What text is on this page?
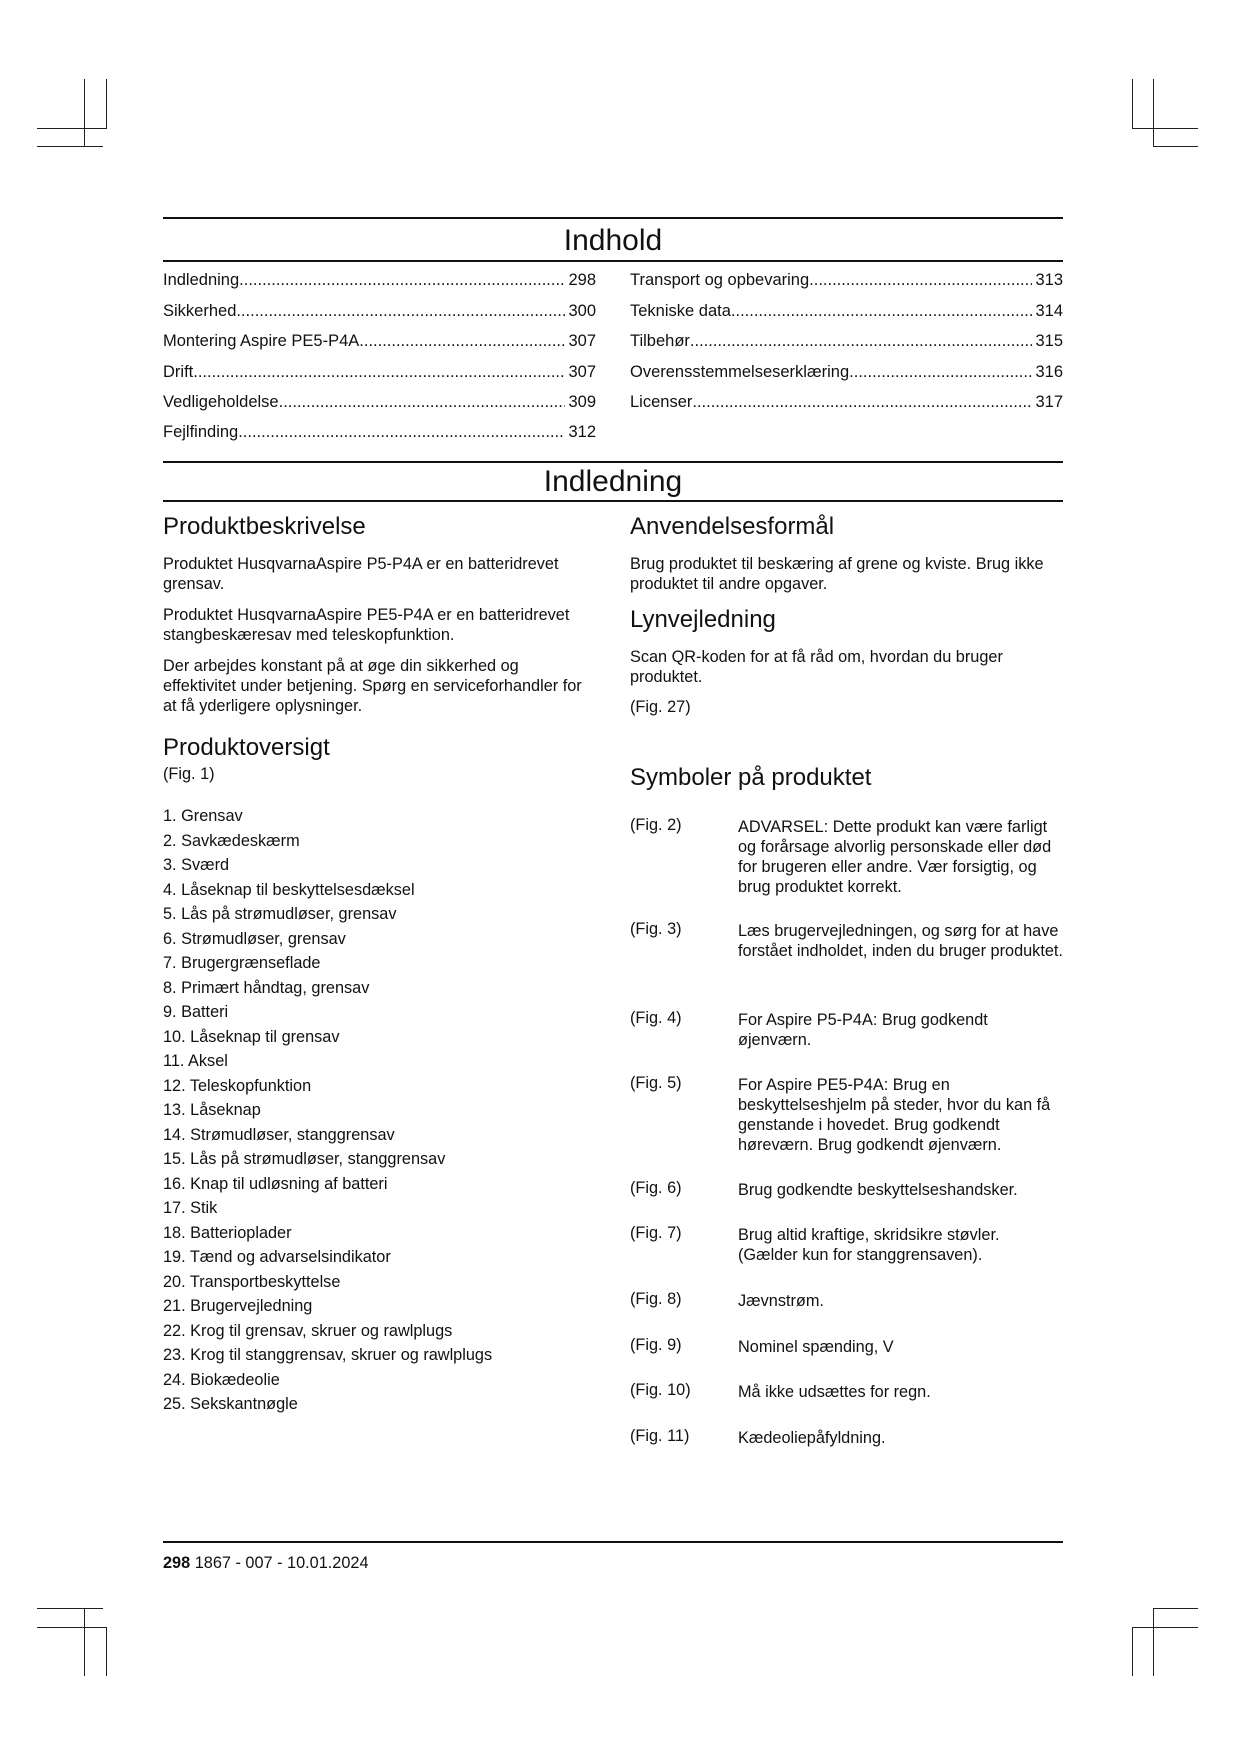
Indhold
Indledning .....	298
Sikkerhed .....	300
Montering Aspire PE5-P4A .....	307
Drift .....	307
Vedligeholdelse .....	309
Fejlfinding .....	312
Transport og opbevaring .....	313
Tekniske data .....	314
Tilbehør .....	315
Overensstemmelseserklæring .....	316
Licenser .....	317
Indledning
Produktbeskrivelse

Produktet HusqvarnaAspire P5-P4A er en batteridrevet grensav.

Produktet HusqvarnaAspire PE5-P4A er en batteridrevet stangbeskæresav med teleskopfunktion.

Der arbejdes konstant på at øge din sikkerhed og effektivitet under betjening. Spørg en serviceforhandler for at få yderligere oplysninger.

Produktoversigt

(Fig. 1)

1. Grensav
2. Savkædeskærm
3. Sværd
4. Låseknap til beskyttelsesdæksel
5. Lås på strømudløser, grensav
6. Strømudløser, grensav
7. Brugergrænseflade
8. Primært håndtag, grensav
9. Batteri
10. Låseknap til grensav
11. Aksel
12. Teleskopfunktion
13. Låseknap
14. Strømudløser, stanggrensav
15. Lås på strømudløser, stanggrensav
16. Knap til udløsning af batteri
17. Stik
18. Batterioplader
19. Tænd og advarselsindikator
20. Transportbeskyttelse
21. Brugervejledning
22. Krog til grensav, skruer og rawlplugs
23. Krog til stanggrensav, skruer og rawlplugs
24. Biokædeolie
25. Sekskantnøgle
Anvendelsesformål

Brug produktet til beskæring af grene og kviste. Brug ikke produktet til andre opgaver.

Lynvejledning

Scan QR-koden for at få råd om, hvordan du bruger produktet.

(Fig. 27)

Symboler på produktet
(Fig. 2)	ADVARSEL: Dette produkt kan være farligt og forårsage alvorlig personskade eller død for brugeren eller andre. Vær forsigtig, og brug produktet korrekt.
(Fig. 3)	Læs brugervejledningen, og sørg for at have forstået indholdet, inden du bruger produktet.
(Fig. 4)	For Aspire P5-P4A: Brug godkendt øjenværn.
(Fig. 5)	For Aspire PE5-P4A: Brug en beskyttelseshjelm på steder, hvor du kan få genstande i hovedet. Brug godkendt høreværn. Brug godkendt øjenværn.
(Fig. 6)	Brug godkendte beskyttelseshandsker.
(Fig. 7)	Brug altid kraftige, skridsikre støvler. (Gælder kun for stanggrensaven).
(Fig. 8)	Jævnstrøm.
(Fig. 9)	Nominel spænding, V
(Fig. 10)	Må ikke udsættes for regn.
(Fig. 11)	Kædeoliepåfyldning.
298 1867 - 007 - 10.01.2024
